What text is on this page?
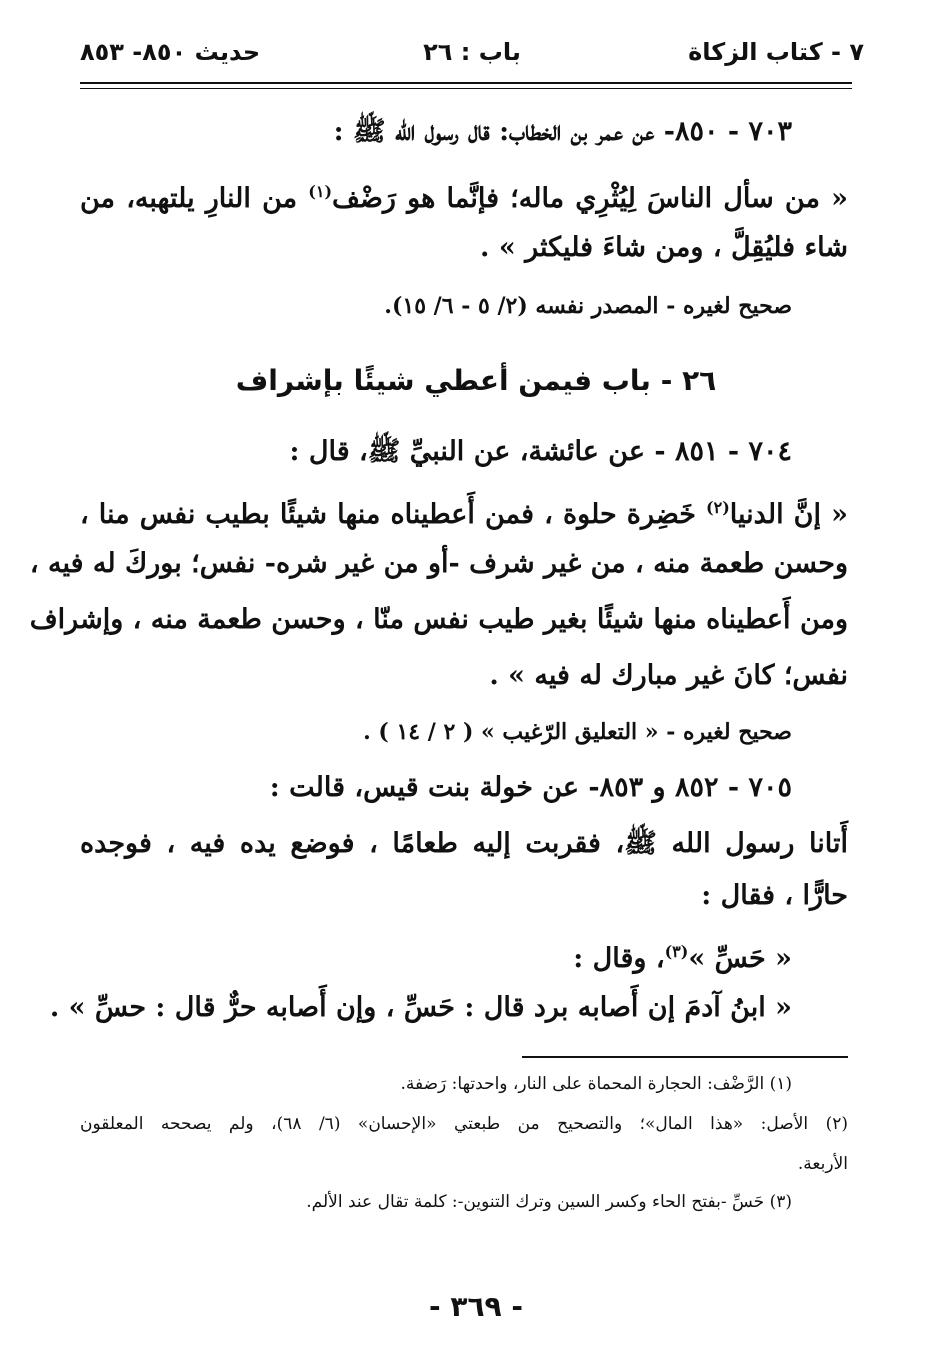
٧ - كتاب الزكاة
باب : ٢٦
حديث ٨٥٠- ٨٥٣
٧٠٣ - ٨٥٠- عن عمر بن الخطاب: قال رسول الله ﷺ :
« من سأل الناسَ لِيُثْرِي ماله؛ فإنَّما هو رَضْف$^{(١)}$ من النارِ يلتهبه، من
شاء فليُقِلَّ ، ومن شاءَ فليكثر » .
صحيح لغيره - المصدر نفسه (٢/ ٥ - ٦/ ١٥).
٢٦ - باب فيمن أعطي شيئًا بإشراف
٧٠٤ - ٨٥١ - عن عائشة، عن النبيِّ ﷺ، قال :
« إنَّ الدنيا$^{(٢)}$ خَضِرة حلوة ، فمن أَعطيناه منها شيئًا بطيب نفس منا ،
وحسن طعمة منه ، من غير شرف -أو من غير شره- نفس؛ بوركَ له فيه ،
ومن أَعطيناه منها شيئًا بغير طيب نفس منّا ، وحسن طعمة منه ، وإشراف
نفس؛ كانَ غير مبارك له فيه » .
صحيح لغيره - « التعليق الرّغيب » ( ٢ / ١٤ ) .
٧٠٥ - ٨٥٢ و ٨٥٣- عن خولة بنت قيس، قالت :
أَتانا رسول الله ﷺ، فقربت إليه طعامًا ، فوضع يده فيه ، فوجده
حارًّا ، فقال :
« حَسِّ »$^{(٣)}$، وقال :
« ابنُ آدمَ إن أَصابه برد قال : حَسِّ ، وإن أَصابه حرٌّ قال : حسِّ » .
(١) الرَّضْف: الحجارة المحماة على النار، واحدتها: رَضفة.
(٢) الأصل: «هذا المال»؛ والتصحيح من طبعتي «الإحسان» (٦/ ٦٨)، ولم يصححه المعلقون
الأربعة.
(٣) حَسِّ -بفتح الحاء وكسر السين وترك التنوين-: كلمة تقال عند الألم.
- ٣٦٩ -
